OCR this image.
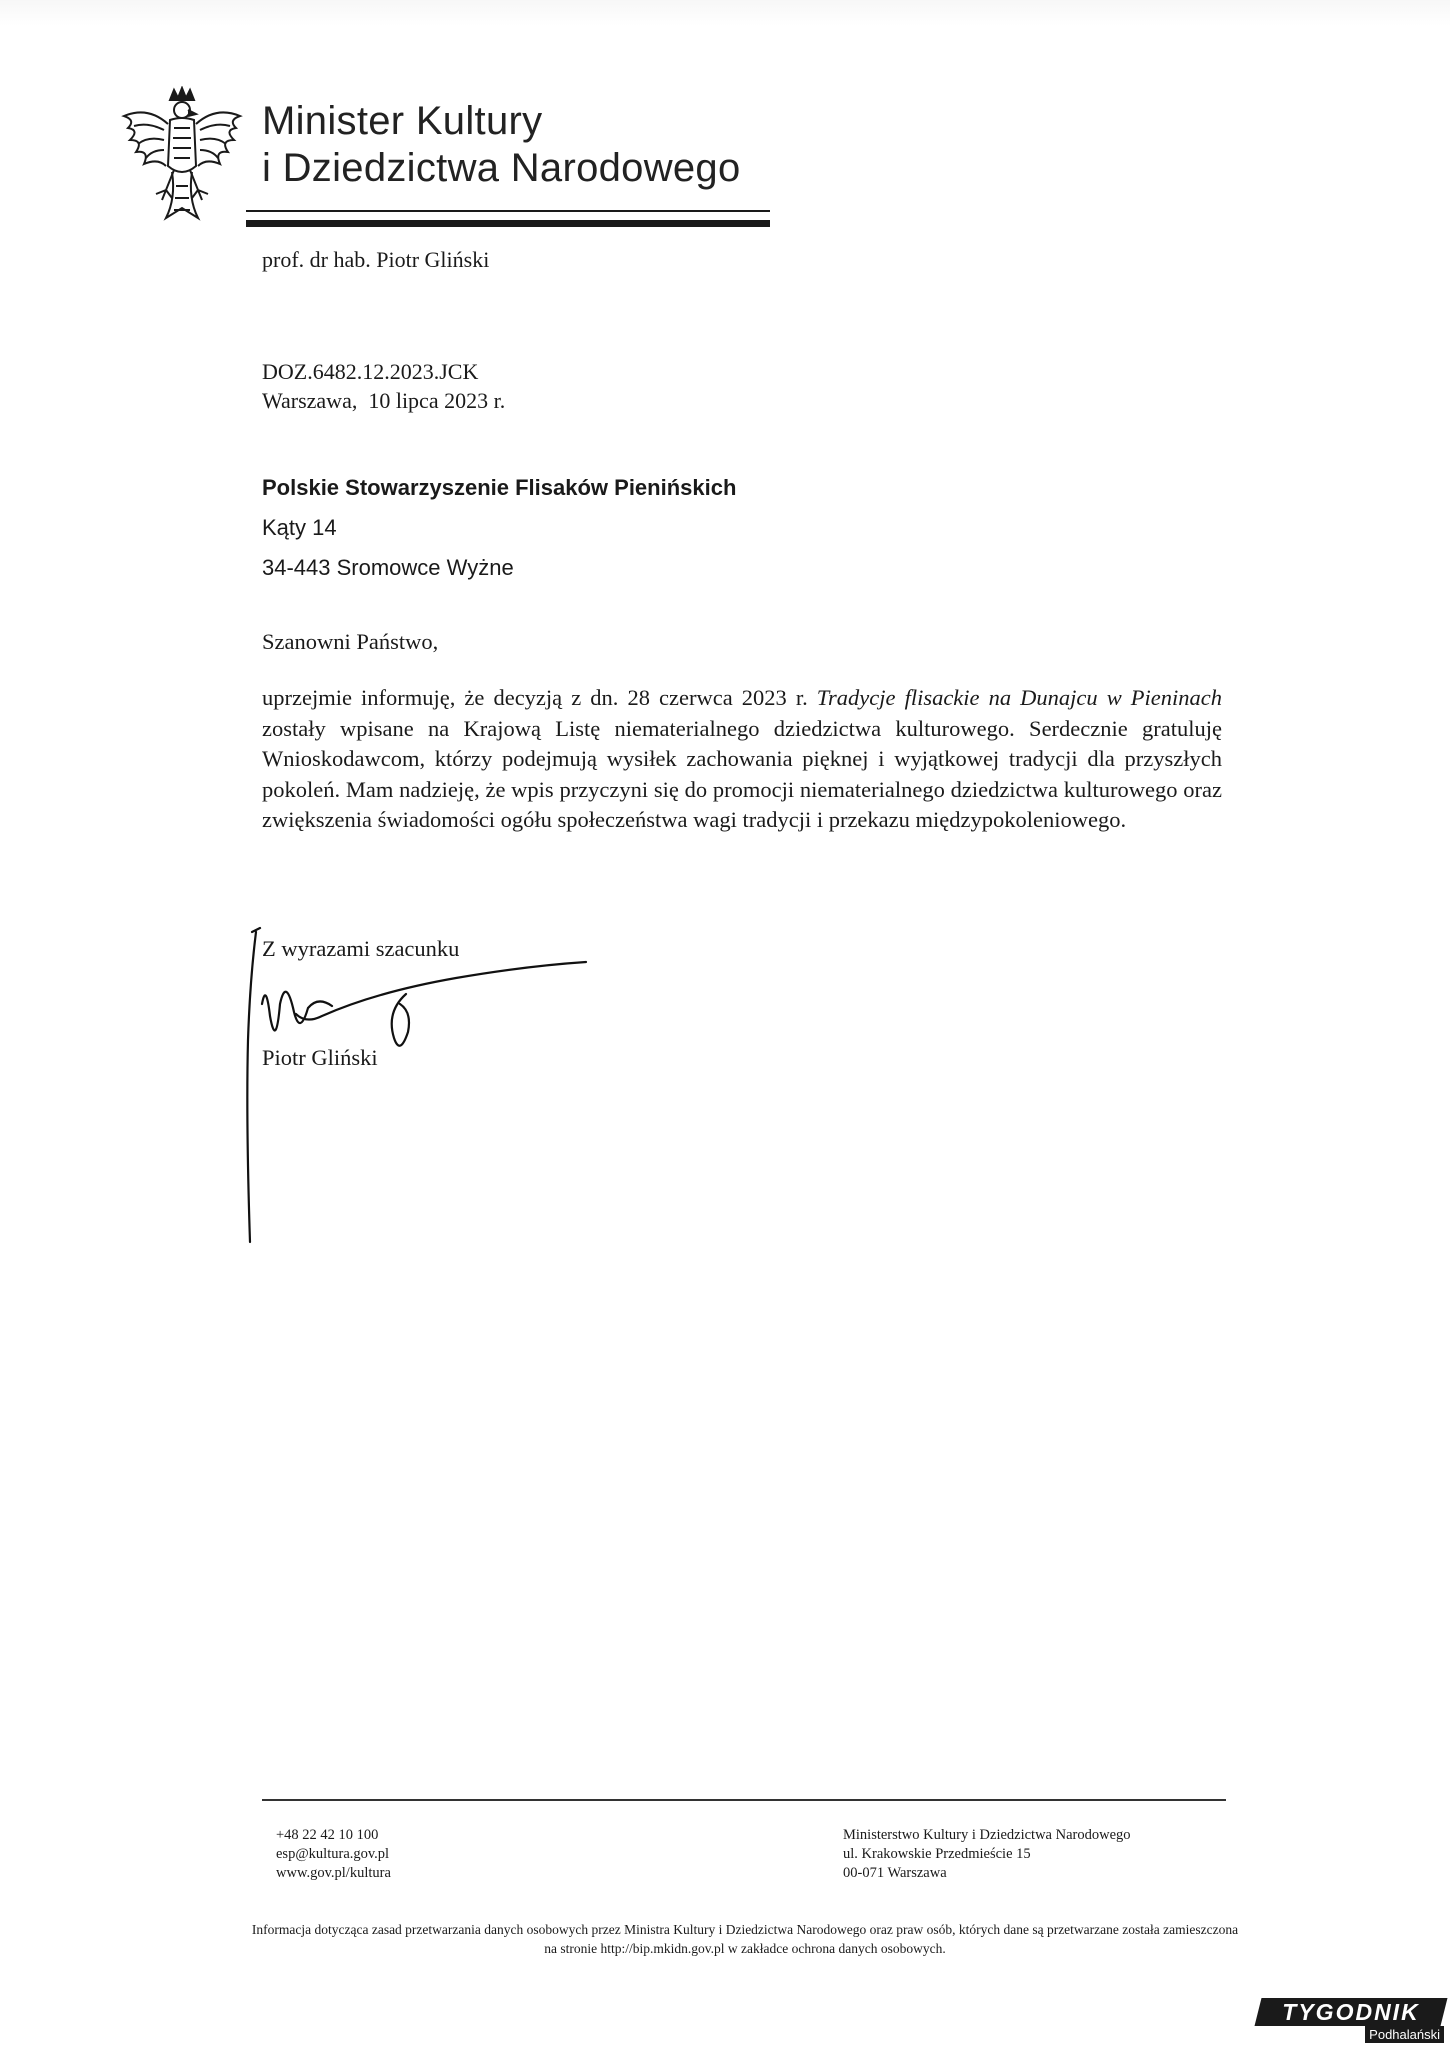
Minister Kultury
i Dziedzictwa Narodowego
prof. dr hab. Piotr Gliński
DOZ.6482.12.2023.JCK
Warszawa,  10 lipca 2023 r.
Polskie Stowarzyszenie Flisaków Pienińskich
Kąty 14
34-443 Sromowce Wyżne
Szanowni Państwo,
uprzejmie informuję, że decyzją z dn. 28 czerwca 2023 r. Tradycje flisackie na Dunajcu w Pieninach zostały wpisane na Krajową Listę niematerialnego dziedzictwa kulturowego. Serdecznie gratuluję Wnioskodawcom, którzy podejmują wysiłek zachowania pięknej i wyjątkowej tradycji dla przyszłych pokoleń. Mam nadzieję, że wpis przyczyni się do promocji niematerialnego dziedzictwa kulturowego oraz zwiększenia świadomości ogółu społeczeństwa wagi tradycji i przekazu międzypokoleniowego.
Z wyrazami szacunku
Piotr Gliński
+48 22 42 10 100
esp@kultura.gov.pl
www.gov.pl/kultura
Ministerstwo Kultury i Dziedzictwa Narodowego
ul. Krakowskie Przedmieście 15
00-071 Warszawa
Informacja dotycząca zasad przetwarzania danych osobowych przez Ministra Kultury i Dziedzictwa Narodowego oraz praw osób, których dane są przetwarzane została zamieszczona na stronie http://bip.mkidn.gov.pl w zakładce ochrona danych osobowych.
TYGODNIK
Podhalański
